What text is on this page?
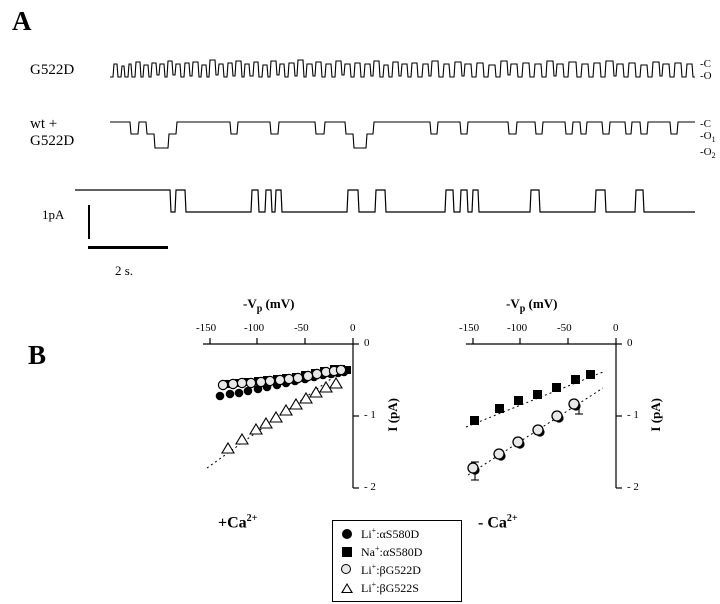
A
G522D
wt +
G522D
1pA
2 s.
-C
-O
-C
$-O_1$
$-O_2$
B
$-V_p$ (mV)
-150	-100	-50	0
0
- 1
- 2
I (pA)
$+Ca^{2+}$
$-V_p$ (mV)
-150	-100	-50	0
0
- 1
- 2
I (pA)
- $Ca^{2+}$
Li+:αS580D
Na+:αS580D
Li+:βG522D
Li+:βG522S
